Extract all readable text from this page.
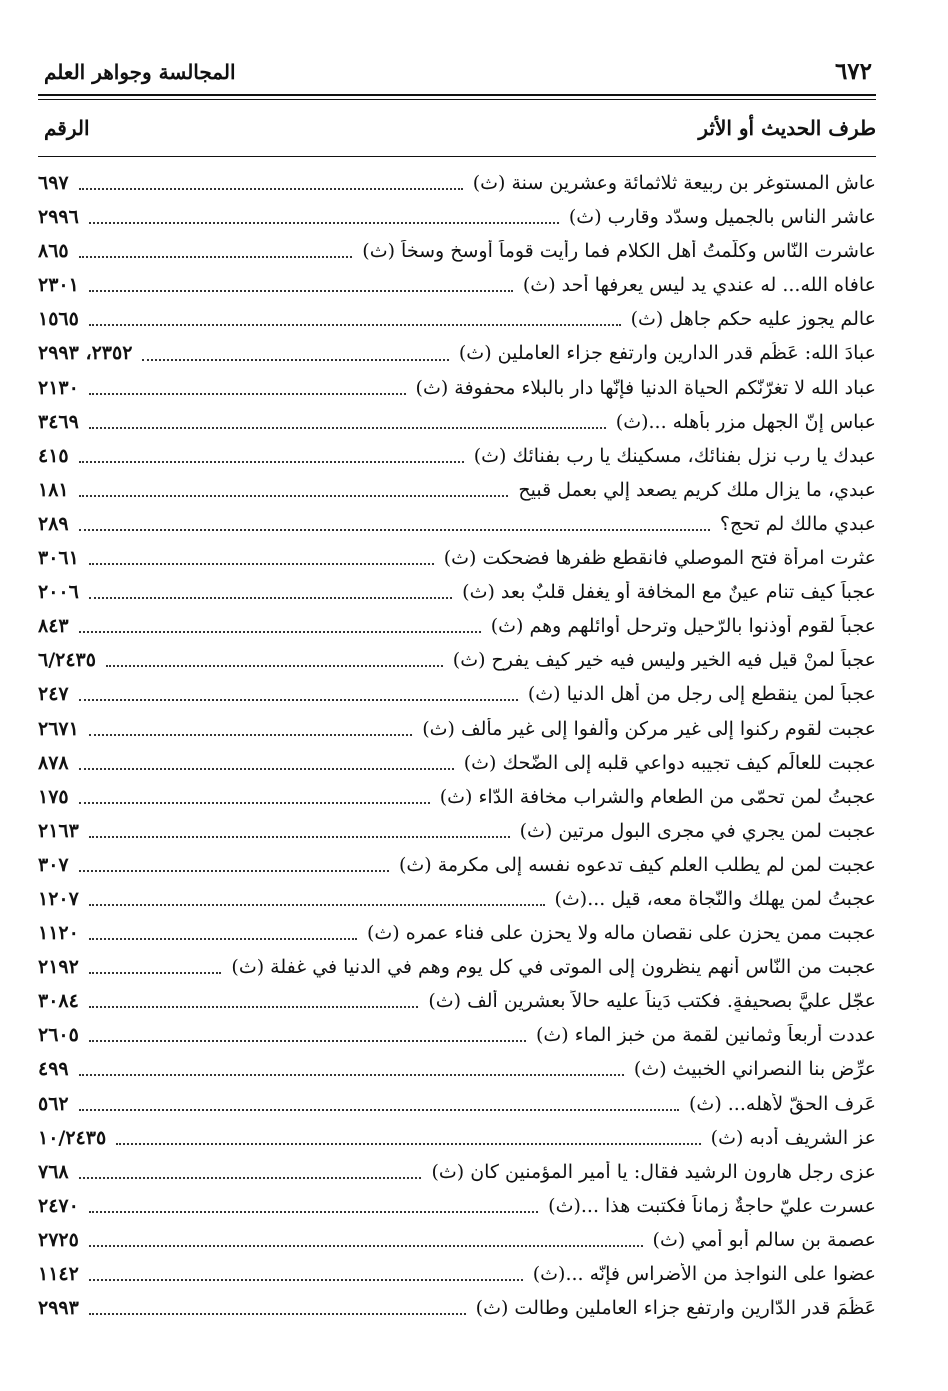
٦٧٢
المجالسة وجواهر العلم
طرف الحديث أو الأثر
الرقم
عاش المستوغر بن ربيعة ثلاثمائة وعشرين سنة (ث)
٦٩٧
عاشر الناس بالجميل وسدّد وقارب (ث)
٢٩٩٦
عاشرت النّاس وكلّمتُ أهل الكلام فما رأيت قوماً أوسخ وسخاً (ث)
٨٦٥
عافاه الله... له عندي يد ليس يعرفها أحد (ث)
٢٣٠١
عالم يجوز عليه حكم جاهل (ث)
١٥٦٥
عبادَ الله: عَظُم قدر الدارين وارتفع جزاء العاملين (ث)
٢٣٥٢، ٢٩٩٣
عباد الله لا تغرّنّكم الحياة الدنيا فإنّها دار بالبلاء محفوفة (ث)
٢١٣٠
عباس إنّ الجهل مزرٍ بأهله ...(ث)
٣٤٦٩
عبدك يا رب نزل بفنائك، مسكينك يا رب بفنائك (ث)
٤١٥
عبدي، ما يزال ملك كريم يصعد إلي بعمل قبيح
١٨١
عبدي مالك لم تحج؟
٢٨٩
عثرت امرأة فتح الموصلي فانقطع ظفرها فضحكت (ث)
٣٠٦١
عجباً كيف تنام عينٌ مع المخافة أو يغفل قلبٌ بعد (ث)
٢٠٠٦
عجباً لقوم أوذنوا بالرّحيل وترحل أوائلهم وهم (ث)
٨٤٣
عجباً لمنْ قيل فيه الخير وليس فيه خير كيف يفرح (ث)
٦/٢٤٣٥
عجباً لمن ينقطع إلى رجل من أهل الدنيا (ث)
٢٤٧
عجبت لقوم ركنوا إلى غير مركن وألفوا إلى غير مألف (ث)
٢٦٧١
عجبت للعالَم كيف تجيبه دواعي قلبه إلى الضّحك (ث)
٨٧٨
عجبتُ لمن تحمّى من الطعام والشراب مخافة الدّاء (ث)
١٧٥
عجبت لمن يجري في مجرى البول مرتين (ث)
٢١٦٣
عجبت لمن لم يطلب العلم كيف تدعوه نفسه إلى مكرمة (ث)
٣٠٧
عجبتُ لمن يهلك والنّجاة معه، قيل ...(ث)
١٢٠٧
عجبت ممن يحزن على نقصان ماله ولا يحزن على فناء عمره (ث)
١١٢٠
عجبت من النّاس أنهم ينظرون إلى الموتى في كل يوم وهم في الدنيا في غفلة (ث)
٢١٩٢
عجّل عليَّ بصحيفةٍ. فكتب دَيناً عليه حالاً بعشرين ألف (ث)
٣٠٨٤
عددت أربعاً وثمانين لقمة من خبز الماء (ث)
٢٦٠٥
عرِّض بنا النصراني الخبيث (ث)
٤٩٩
عَرف الحقّ لأهله... (ث)
٥٦٢
عز الشريف أدبه (ث)
١٠/٢٤٣٥
عزى رجل هارون الرشيد فقال: يا أمير المؤمنين كان (ث)
٧٦٨
عسرت عليّ حاجةٌ زماناً فكتبت هذا ...(ث)
٢٤٧٠
عصمة بن سالم أبو أمي (ث)
٢٧٢٥
عضوا على النواجذ من الأضراس فإنّه ...(ث)
١١٤٢
عَظُمَ قدر الدّارين وارتفع جزاء العاملين وطالت (ث)
٢٩٩٣
